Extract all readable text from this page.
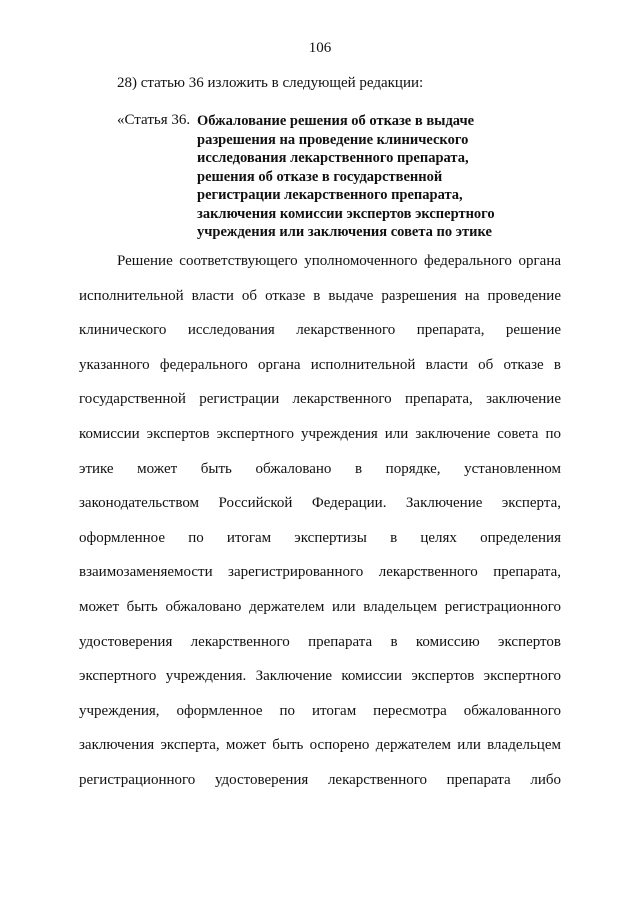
106
28) статью 36 изложить в следующей редакции:
«Статья 36. Обжалование решения об отказе в выдаче
разрешения на проведение клинического
исследования лекарственного препарата,
решения об отказе в государственной
регистрации лекарственного препарата,
заключения комиссии экспертов экспертного
учреждения или заключения совета по этике
Решение соответствующего уполномоченного федерального органа
исполнительной власти об отказе в выдаче разрешения на проведение
клинического исследования лекарственного препарата, решение
указанного федерального органа исполнительной власти об отказе в
государственной регистрации лекарственного препарата, заключение
комиссии экспертов экспертного учреждения или заключение совета по
этике может быть обжаловано в порядке, установленном
законодательством Российской Федерации. Заключение эксперта,
оформленное по итогам экспертизы в целях определения
взаимозаменяемости зарегистрированного лекарственного препарата,
может быть обжаловано держателем или владельцем регистрационного
удостоверения лекарственного препарата в комиссию экспертов
экспертного учреждения. Заключение комиссии экспертов экспертного
учреждения, оформленное по итогам пересмотра обжалованного
заключения эксперта, может быть оспорено держателем или владельцем
регистрационного удостоверения лекарственного препарата либо
